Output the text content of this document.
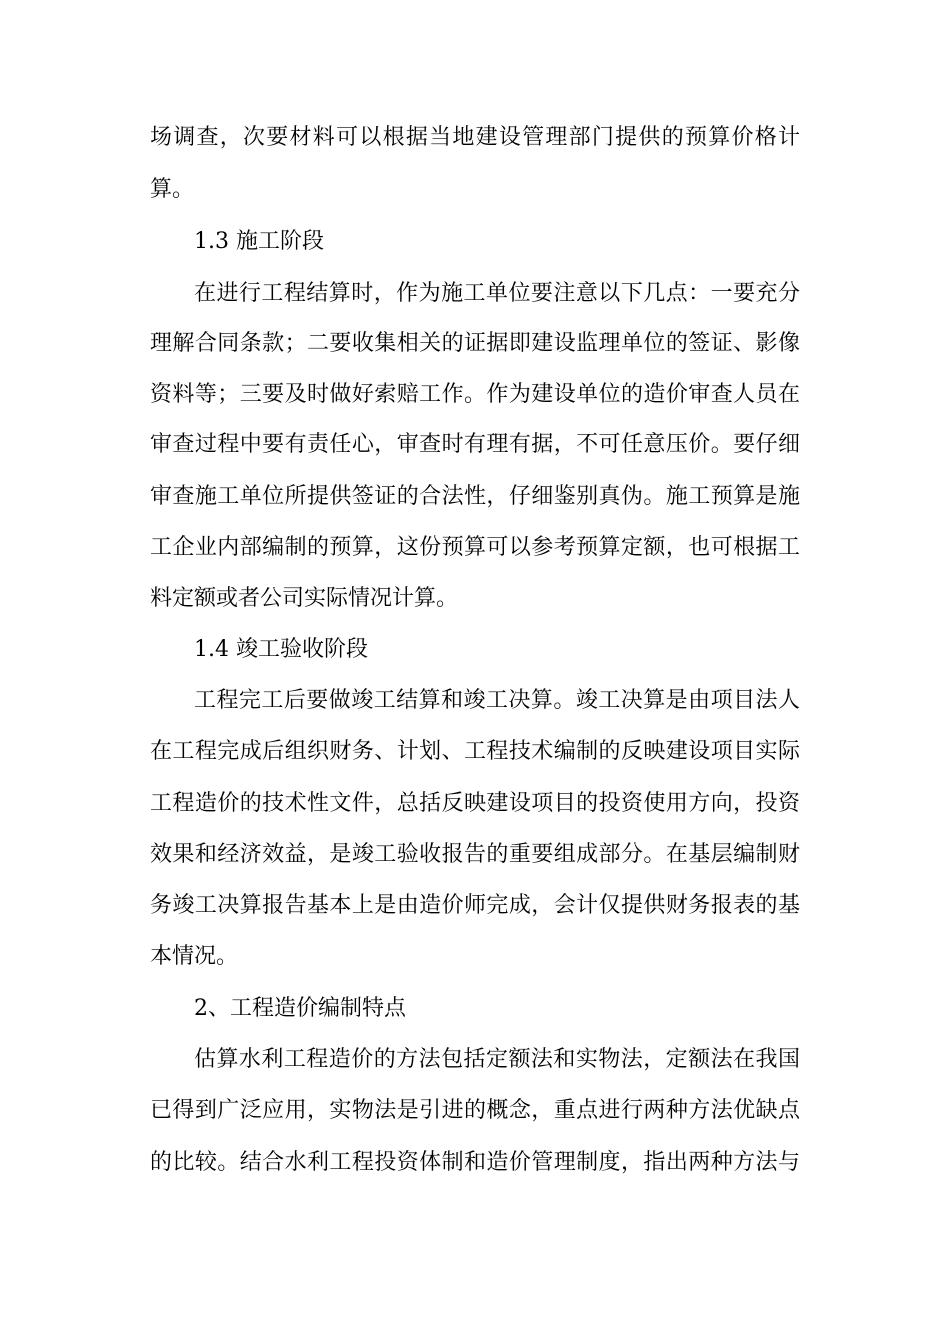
场调查，次要材料可以根据当地建设管理部门提供的预算价格计
算。
1.3 施工阶段
在进行工程结算时，作为施工单位要注意以下几点：一要充分
理解合同条款；二要收集相关的证据即建设监理单位的签证、影像
资料等；三要及时做好索赔工作。作为建设单位的造价审查人员在
审查过程中要有责任心，审查时有理有据，不可任意压价。要仔细
审查施工单位所提供签证的合法性，仔细鉴别真伪。施工预算是施
工企业内部编制的预算，这份预算可以参考预算定额，也可根据工
料定额或者公司实际情况计算。
1.4 竣工验收阶段
工程完工后要做竣工结算和竣工决算。竣工决算是由项目法人
在工程完成后组织财务、计划、工程技术编制的反映建设项目实际
工程造价的技术性文件，总括反映建设项目的投资使用方向，投资
效果和经济效益，是竣工验收报告的重要组成部分。在基层编制财
务竣工决算报告基本上是由造价师完成，会计仅提供财务报表的基
本情况。
2、工程造价编制特点
估算水利工程造价的方法包括定额法和实物法，定额法在我国
已得到广泛应用，实物法是引进的概念，重点进行两种方法优缺点
的比较。结合水利工程投资体制和造价管理制度，指出两种方法与
